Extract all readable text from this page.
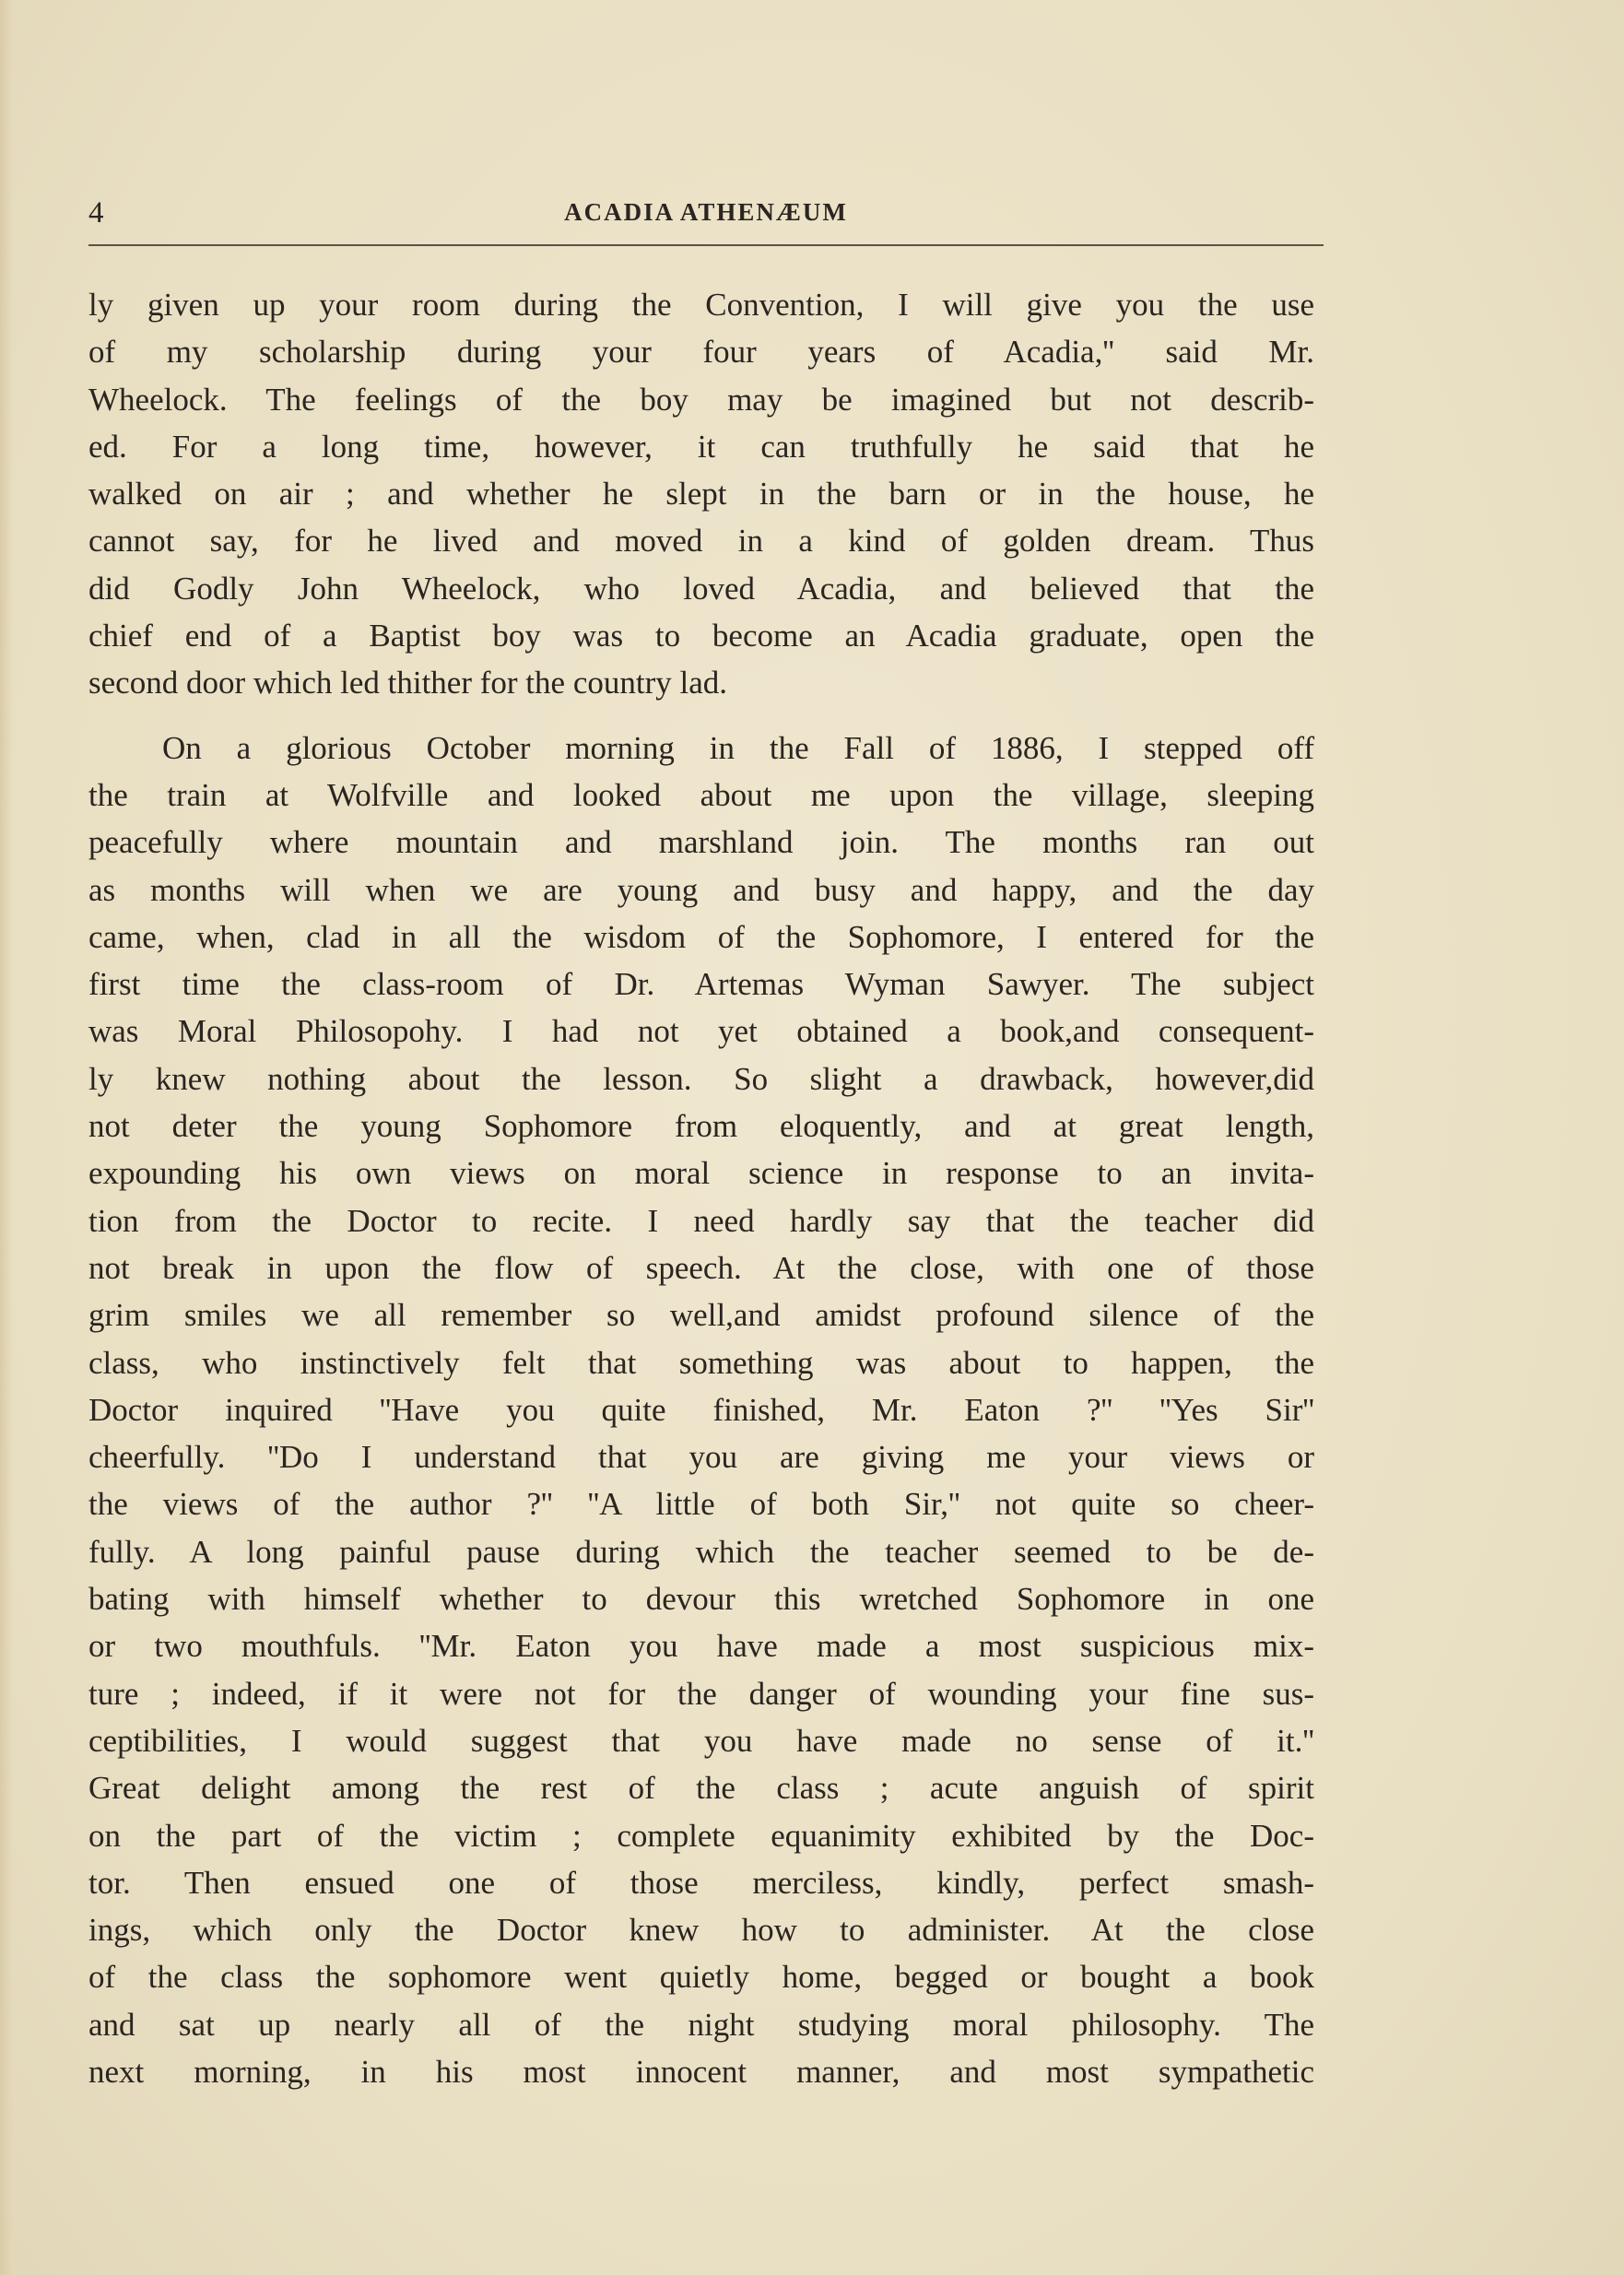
4	ACADIA ATHENÆUM
ly given up your room during the Convention, I will give you the use
of my scholarship during your four years of Acadia,'' said Mr.
Wheelock. The feelings of the boy may be imagined but not describ-
ed. For a long time, however, it can truthfully he said that he
walked on air ; and whether he slept in the barn or in the house, he
cannot say, for he lived and moved in a kind of golden dream. Thus
did Godly John Wheelock, who loved Acadia, and believed that the
chief end of a Baptist boy was to become an Acadia graduate, open the
second door which led thither for the country lad.
On a glorious October morning in the Fall of 1886, I stepped off
the train at Wolfville and looked about me upon the village, sleeping
peacefully where mountain and marshland join. The months ran out
as months will when we are young and busy and happy, and the day
came, when, clad in all the wisdom of the Sophomore, I entered for the
first time the class-room of Dr. Artemas Wyman Sawyer. The subject
was Moral Philosopohy. I had not yet obtained a book,and consequent-
ly knew nothing about the lesson. So slight a drawback, however,did
not deter the young Sophomore from eloquently, and at great length,
expounding his own views on moral science in response to an invita-
tion from the Doctor to recite. I need hardly say that the teacher did
not break in upon the flow of speech. At the close, with one of those
grim smiles we all remember so well,and amidst profound silence of the
class, who instinctively felt that something was about to happen, the
Doctor inquired ''Have you quite finished, Mr. Eaton ?'' ''Yes Sir''
cheerfully. ''Do I understand that you are giving me your views or
the views of the author ?'' ''A little of both Sir,'' not quite so cheer-
fully. A long painful pause during which the teacher seemed to be de-
bating with himself whether to devour this wretched Sophomore in one
or two mouthfuls. ''Mr. Eaton you have made a most suspicious mix-
ture ; indeed, if it were not for the danger of wounding your fine sus-
ceptibilities, I would suggest that you have made no sense of it.''
Great delight among the rest of the class ; acute anguish of spirit
on the part of the victim ; complete equanimity exhibited by the Doc-
tor. Then ensued one of those merciless, kindly, perfect smash-
ings, which only the Doctor knew how to administer. At the close
of the class the sophomore went quietly home, begged or bought a book
and sat up nearly all of the night studying moral philosophy. The
next morning, in his most innocent manner, and most sympathetic
